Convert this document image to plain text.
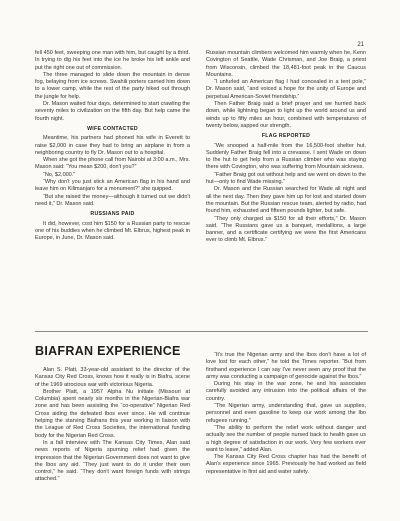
21

fell 450 feet, sweeping one man with him, but caught by a third. In trying to dig his feet into the ice he broke his left ankle and put the right one out of commission.

The three managed to slide down the mountain in dense fog, belaying from ice screws. Swahili porters carried him down to a lower camp, while the rest of the party hiked out through the jungle for help.

Dr. Mason waited four days, determined to start crawling the seventy miles to civilization on the fifth day. But help came the fourth night.

WIFE CONTACTED

Meantime, his partners had phoned his wife in Everett to raise $2,000 in case they had to bring an airplane in from a neighboring country to fly Dr. Mason out to a hospital.

When she got the phone call from Nairobi at 3:00 a.m., Mrs. Mason said: “You mean $200, don't you?”

“No, $2,000.”

“Why don't you just stick an American flag in his hand and leave him on Kilimanjaro for a monument?” she quipped.

“But she raised the money—although it turned out we didn't need it,” Dr. Mason said.

RUSSIANS PAID

It did, however, cost him $150 for a Russian party to rescue one of his buddies when he climbed Mt. Elbrus, highest peak in Europe, in June, Dr. Mason said.

Russian mountain climbers welcomed him warmly when he, Kenn Covington of Seattle, Wade Chrisman, and Joe Braig, a priest from Wisconsin, climbed the 18,481-foot peak in the Caucus Mountains.

“I unfurled an American flag I had concealed in a tent pole,” Dr. Mason said, “and voiced a hope for the unity of Europe and perpetual American-Soviet friendship.”

Then Father Braig said a brief prayer and we hurried back down, while lightning began to light up the world around us and winds up to fifty miles an hour, combined with temperatures of twenty below, sapped our strength.

FLAG REPORTED

“We snooped a half-mile from the 16,500-foot shelter hut. Suddenly Father Braig fell into a crevasse. I sent Wade on down to the hut to get help from a Russian climber who was staying there with Covington, who was suffering from Mountain sickness.

“Father Braig got out without help and we went on down to the hut—only to find Wade missing.”

Dr. Mason and the Russian searched for Wade all night and all the next day. Then they gave him up for lost and started down the mountain. But the Russian rescue team, alerted by radio, had found him, exhausted and fifteen pounds lighter, but safe.

“They only charged us $150 for all their efforts,” Dr. Mason said. “The Russians gave us a banquet, medallions, a large banner, and a certificate certifying we were the first Americans ever to climb Mt. Elbrus.”

BIAFRAN EXPERIENCE

Alan S. Platt, 33-year-old assistant to the director of the Kansas City Red Cross, knows how it really is in Biafra, scene of the 1969 atrocious war with victorious Nigeria.

Brother Platt, a 1957 Alpha Nu initiate (Missouri at Columbia) spent nearly six months in the Nigerian-Biafra war zone and has been assisting the “co-operative” Nigerian Red Cross aiding the defeated Ibos ever since. He will continue helping the starving Biafrans this year working in liaison with the League of Red Cross Societies, the international funding body for the Nigerian Red Cross.

In a fall interview with The Kansas City Times, Alan said news reports of Nigeria spurning relief had given the impression that the Nigerian Government does not want to give the Ibos any aid. “They just want to do it under their own control,” he said. “They don't want foreign funds with strings attached.”

“It's true the Nigerian army and the Ibos don't have a lot of love lost for each other,” he told the Times reporter. “But from firsthand experience I can say I've never seen any proof that the army was conducting a campaign of genocide against the Ibos.”

During his stay in the war zone, he and his associates carefully avoided any intrusion into the political affairs of the country.

“The Nigerian army, understanding that, gave us supplies, personnel and even gasoline to keep our work among the Ibo refugees running.”

“The ability to perform the relief work without danger and actually see the number of people nursed back to health gave us a high degree of satisfaction in our work. Very few workers ever want to leave,” added Alan.

The Kansas City Red Cross chapter has had the benefit of Alan's experience since 1965. Previously he had worked as field representative in first aid and water safety.
